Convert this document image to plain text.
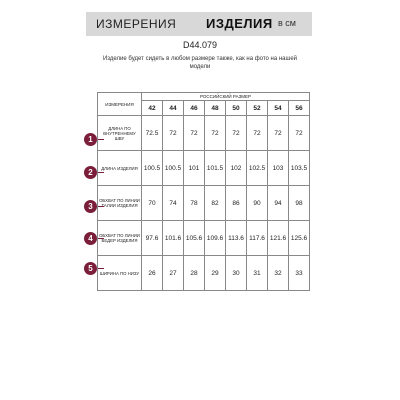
ИЗМЕРЕНИЯ ИЗДЕЛИЯ в см
D44.079
Изделие будет сидеть в любом размере также, как на фото на нашей модели
ИЗМЕРЕНИЯ	РОССИЙСКИЙ РАЗМЕР							
	42	44	46	48	50	52	54	56
ДЛИНА ПО ВНУТРЕННЕМУ ШВУ	72.5	72	72	72	72	72	72	72
ДЛИНА ИЗДЕЛИЯ	100.5	100.5	101	101.5	102	102.5	103	103.5
ОБХВАТ ПО ЛИНИИ ТАЛИИ ИЗДЕЛИЯ	70	74	78	82	86	90	94	98
ОБХВАТ ПО ЛИНИИ БЕДЕР ИЗДЕЛИЯ	97.6	101.6	105.6	109.6	113.6	117.6	121.6	125.6
ШИРИНА ПО НИЗУ	26	27	28	29	30	31	32	33
1
2
3
4
5
